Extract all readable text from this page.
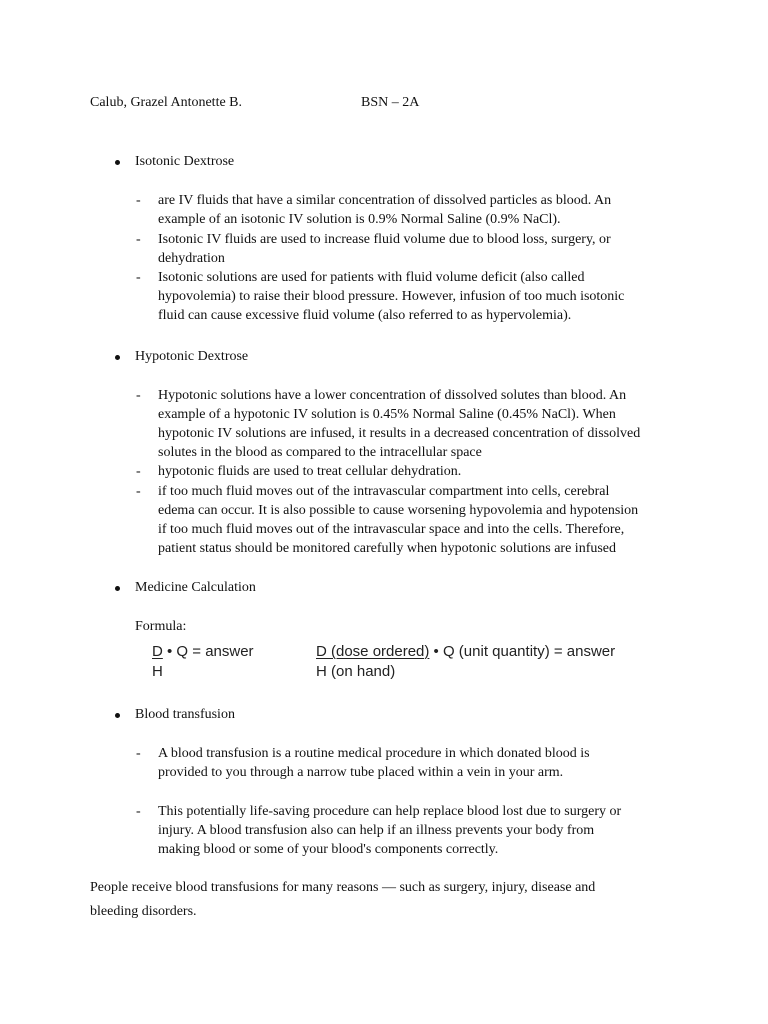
Calub, Grazel Antonette B.	BSN – 2A
Isotonic Dextrose
- are IV fluids that have a similar concentration of dissolved particles as blood. An
example of an isotonic IV solution is 0.9% Normal Saline (0.9% NaCl).
- Isotonic IV fluids are used to increase fluid volume due to blood loss, surgery, or
dehydration
- Isotonic solutions are used for patients with fluid volume deficit (also called
hypovolemia) to raise their blood pressure. However, infusion of too much isotonic
fluid can cause excessive fluid volume (also referred to as hypervolemia).
Hypotonic Dextrose
- Hypotonic solutions have a lower concentration of dissolved solutes than blood. An
example of a hypotonic IV solution is 0.45% Normal Saline (0.45% NaCl). When
hypotonic IV solutions are infused, it results in a decreased concentration of dissolved
solutes in the blood as compared to the intracellular space
- hypotonic fluids are used to treat cellular dehydration.
- if too much fluid moves out of the intravascular compartment into cells, cerebral
edema can occur. It is also possible to cause worsening hypovolemia and hypotension
if too much fluid moves out of the intravascular space and into the cells. Therefore,
patient status should be monitored carefully when hypotonic solutions are infused
Medicine Calculation
Formula:
D • Q = answer
H
D (dose ordered) • Q (unit quantity) = answer
H (on hand)
Blood transfusion
- A blood transfusion is a routine medical procedure in which donated blood is
provided to you through a narrow tube placed within a vein in your arm.
- This potentially life-saving procedure can help replace blood lost due to surgery or
injury. A blood transfusion also can help if an illness prevents your body from
making blood or some of your blood's components correctly.
People receive blood transfusions for many reasons — such as surgery, injury, disease and
bleeding disorders.
